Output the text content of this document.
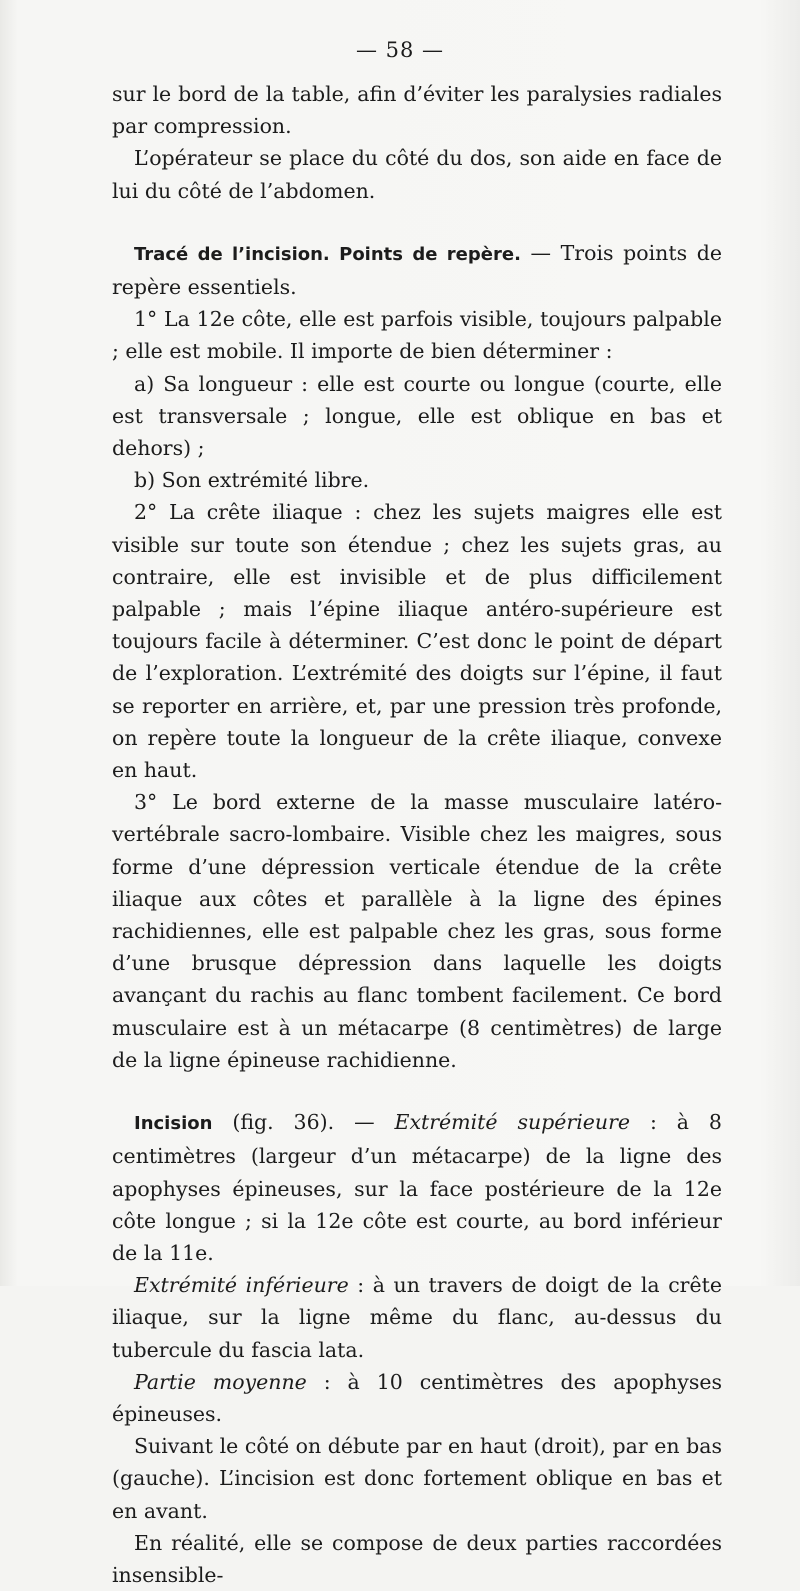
— 58 —

sur le bord de la table, afin d’éviter les paralysies radiales par compression.

L’opérateur se place du côté du dos, son aide en face de lui du côté de l’abdomen.

Tracé de l’incision. Points de repère. — Trois points de repère essentiels.

1° La 12e côte, elle est parfois visible, toujours palpable ; elle est mobile. Il importe de bien déterminer :

a) Sa longueur : elle est courte ou longue (courte, elle est transversale ; longue, elle est oblique en bas et dehors) ;

b) Son extrémité libre.

2° La crête iliaque : chez les sujets maigres elle est visible sur toute son étendue ; chez les sujets gras, au contraire, elle est invisible et de plus difficilement palpable ; mais l’épine iliaque antéro-supérieure est toujours facile à déterminer. C’est donc le point de départ de l’exploration. L’extrémité des doigts sur l’épine, il faut se reporter en arrière, et, par une pression très profonde, on repère toute la longueur de la crête iliaque, convexe en haut.

3° Le bord externe de la masse musculaire latéro-vertébrale sacro-lombaire. Visible chez les maigres, sous forme d’une dépression verticale étendue de la crête iliaque aux côtes et parallèle à la ligne des épines rachidiennes, elle est palpable chez les gras, sous forme d’une brusque dépression dans laquelle les doigts avançant du rachis au flanc tombent facilement. Ce bord musculaire est à un métacarpe (8 centimètres) de large de la ligne épineuse rachidienne.

Incision (fig. 36). — Extrémité supérieure : à 8 centimètres (largeur d’un métacarpe) de la ligne des apophyses épineuses, sur la face postérieure de la 12e côte longue ; si la 12e côte est courte, au bord inférieur de la 11e.

Extrémité inférieure : à un travers de doigt de la crête iliaque, sur la ligne même du flanc, au-dessus du tubercule du fascia lata.

Partie moyenne : à 10 centimètres des apophyses épineuses.

Suivant le côté on débute par en haut (droit), par en bas (gauche). L’incision est donc fortement oblique en bas et en avant.

En réalité, elle se compose de deux parties raccordées insensible-
